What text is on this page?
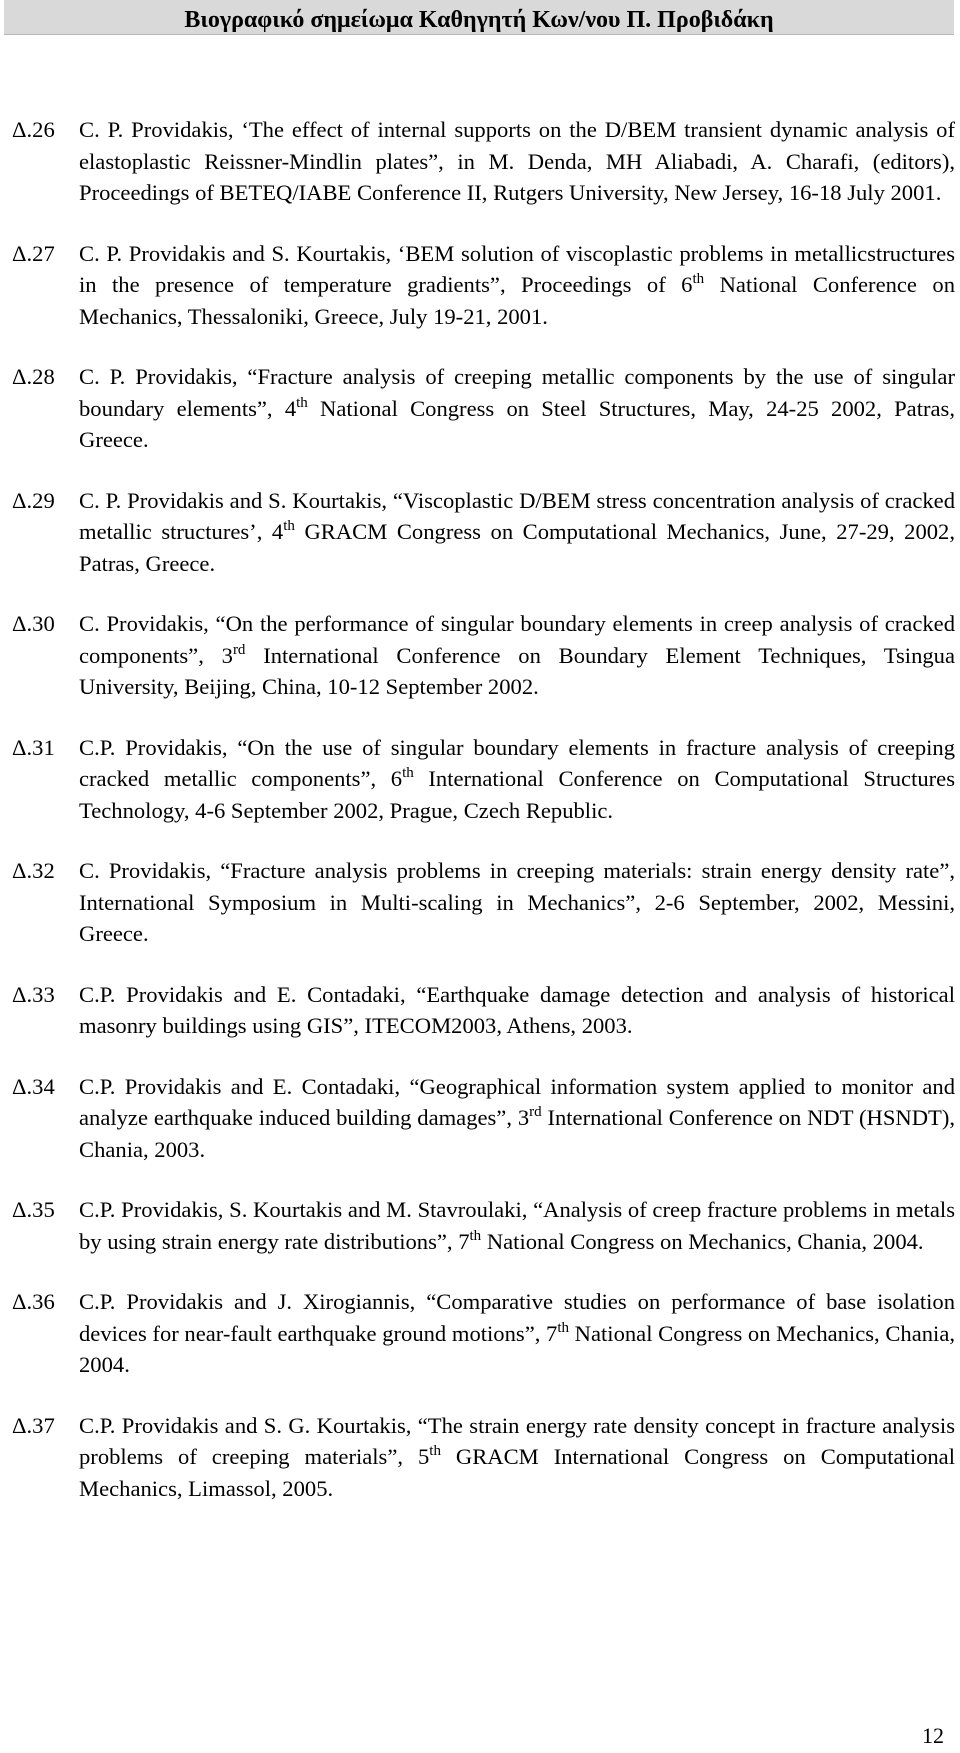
Βιογραφικό σημείωμα Καθηγητή Κων/νου Π. Προβιδάκη
Δ.26	C. P. Providakis, ‘The effect of internal supports on the D/BEM transient dynamic analysis of elastoplastic Reissner-Mindlin plates”, in M. Denda, MH Aliabadi, A. Charafi, (editors), Proceedings of BETEQ/IABE Conference II, Rutgers University, New Jersey, 16-18 July 2001.
Δ.27	C. P. Providakis and S. Kourtakis, ‘BEM solution of viscoplastic problems in metallicstructures in the presence of temperature gradients”, Proceedings of 6th National Conference on Mechanics, Thessaloniki, Greece, July 19-21, 2001.
Δ.28	C. P. Providakis, “Fracture analysis of creeping metallic components by the use of singular boundary elements”, 4th National Congress on Steel Structures, May, 24-25 2002, Patras, Greece.
Δ.29	C. P. Providakis and S. Kourtakis, “Viscoplastic D/BEM stress concentration analysis of cracked metallic structures’, 4th GRACM Congress on Computational Mechanics, June, 27-29, 2002, Patras, Greece.
Δ.30	C. Providakis, “On the performance of singular boundary elements in creep analysis of cracked components”, 3rd International Conference on Boundary Element Techniques, Tsingua University, Beijing, China, 10-12 September 2002.
Δ.31	C.P. Providakis, “On the use of singular boundary elements in fracture analysis of creeping cracked metallic components”, 6th International Conference on Computational Structures Technology, 4-6 September 2002, Prague, Czech Republic.
Δ.32	C. Providakis, “Fracture analysis problems in creeping materials: strain energy density rate”, International Symposium in Multi-scaling in Mechanics”, 2-6 September, 2002, Messini, Greece.
Δ.33	C.P. Providakis and E. Contadaki, “Earthquake damage detection and analysis of historical masonry buildings using GIS”, ITECOM2003, Athens, 2003.
Δ.34	C.P. Providakis and E. Contadaki, “Geographical information system applied to monitor and analyze earthquake induced building damages”, 3rd International Conference on NDT (HSNDT), Chania, 2003.
Δ.35	C.P. Providakis, S. Kourtakis and M. Stavroulaki, “Analysis of creep fracture problems in metals by using strain energy rate distributions”, 7th National Congress on Mechanics, Chania, 2004.
Δ.36	C.P. Providakis and J. Xirogiannis, “Comparative studies on performance of base isolation devices for near-fault earthquake ground motions”, 7th National Congress on Mechanics, Chania, 2004.
Δ.37	C.P. Providakis and S. G. Kourtakis, “The strain energy rate density concept in fracture analysis problems of creeping materials”, 5th GRACM International Congress on Computational Mechanics, Limassol, 2005.
12
